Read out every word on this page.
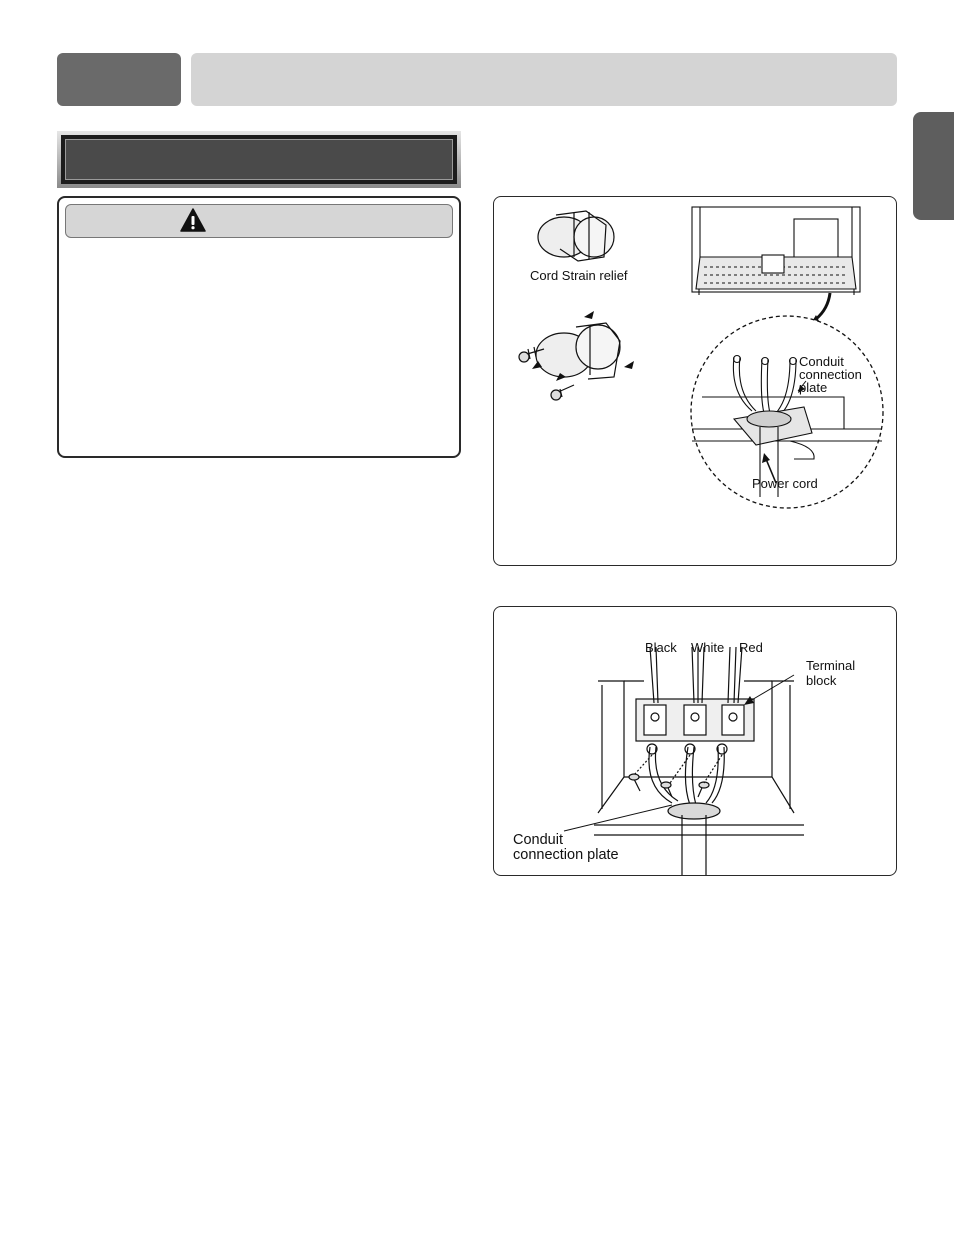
Cord Strain relief
Conduit
connection
plate
Power cord
Black White Red
Terminal
block
Conduit
connection plate
